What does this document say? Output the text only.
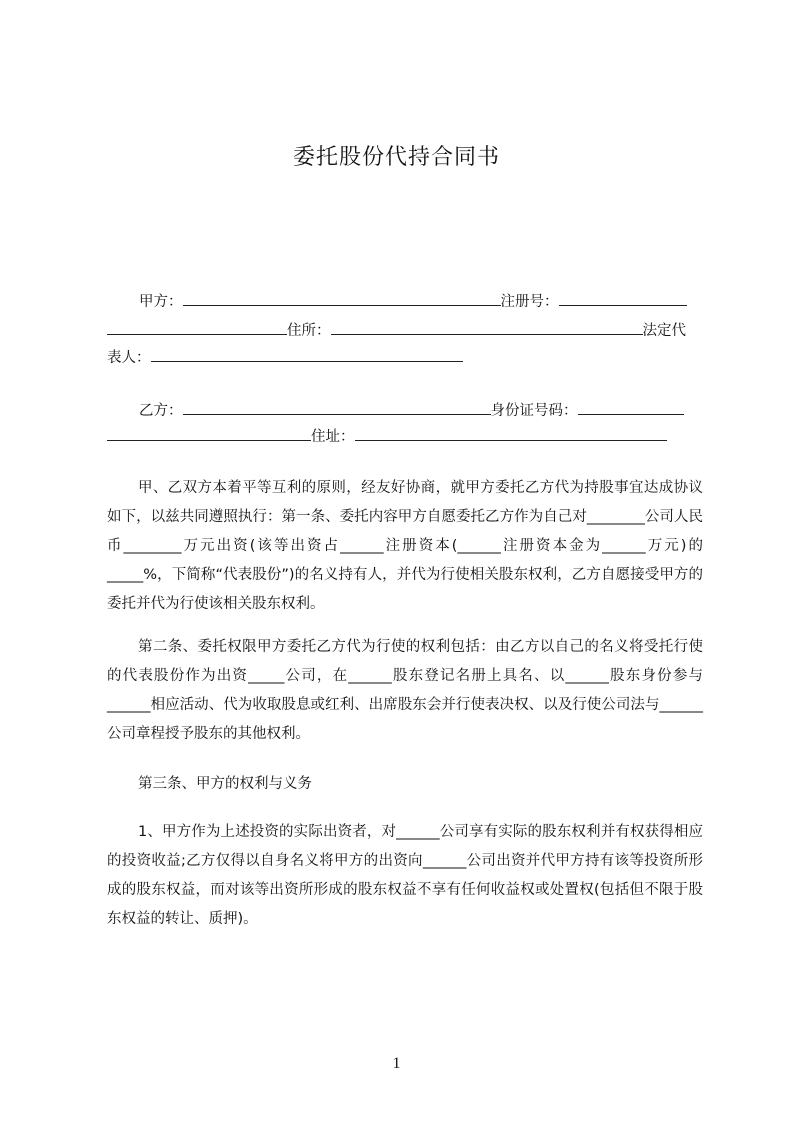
委托股份代持合同书
甲方：	注册号：
住所：	法定代
表人：
乙方：	身份证号码：
住址：
甲、乙双方本着平等互利的原则，经友好协商，就甲方委托乙方代为持股事宜达成协议如下，以兹共同遵照执行：第一条、委托内容甲方自愿委托乙方作为自己对________公司人民币________万元出资(该等出资占______注册资本(______注册资本金为______万元)的_____%，下简称“代表股份”)的名义持有人，并代为行使相关股东权利，乙方自愿接受甲方的委托并代为行使该相关股东权利。
第二条、委托权限甲方委托乙方代为行使的权利包括：由乙方以自己的名义将受托行使的代表股份作为出资_____公司，在______股东登记名册上具名、以______股东身份参与______相应活动、代为收取股息或红利、出席股东会并行使表决权、以及行使公司法与______公司章程授予股东的其他权利。
第三条、甲方的权利与义务
1、甲方作为上述投资的实际出资者，对______公司享有实际的股东权利并有权获得相应的投资收益;乙方仅得以自身名义将甲方的出资向______公司出资并代甲方持有该等投资所形成的股东权益，而对该等出资所形成的股东权益不享有任何收益权或处置权(包括但不限于股东权益的转让、质押)。
1
